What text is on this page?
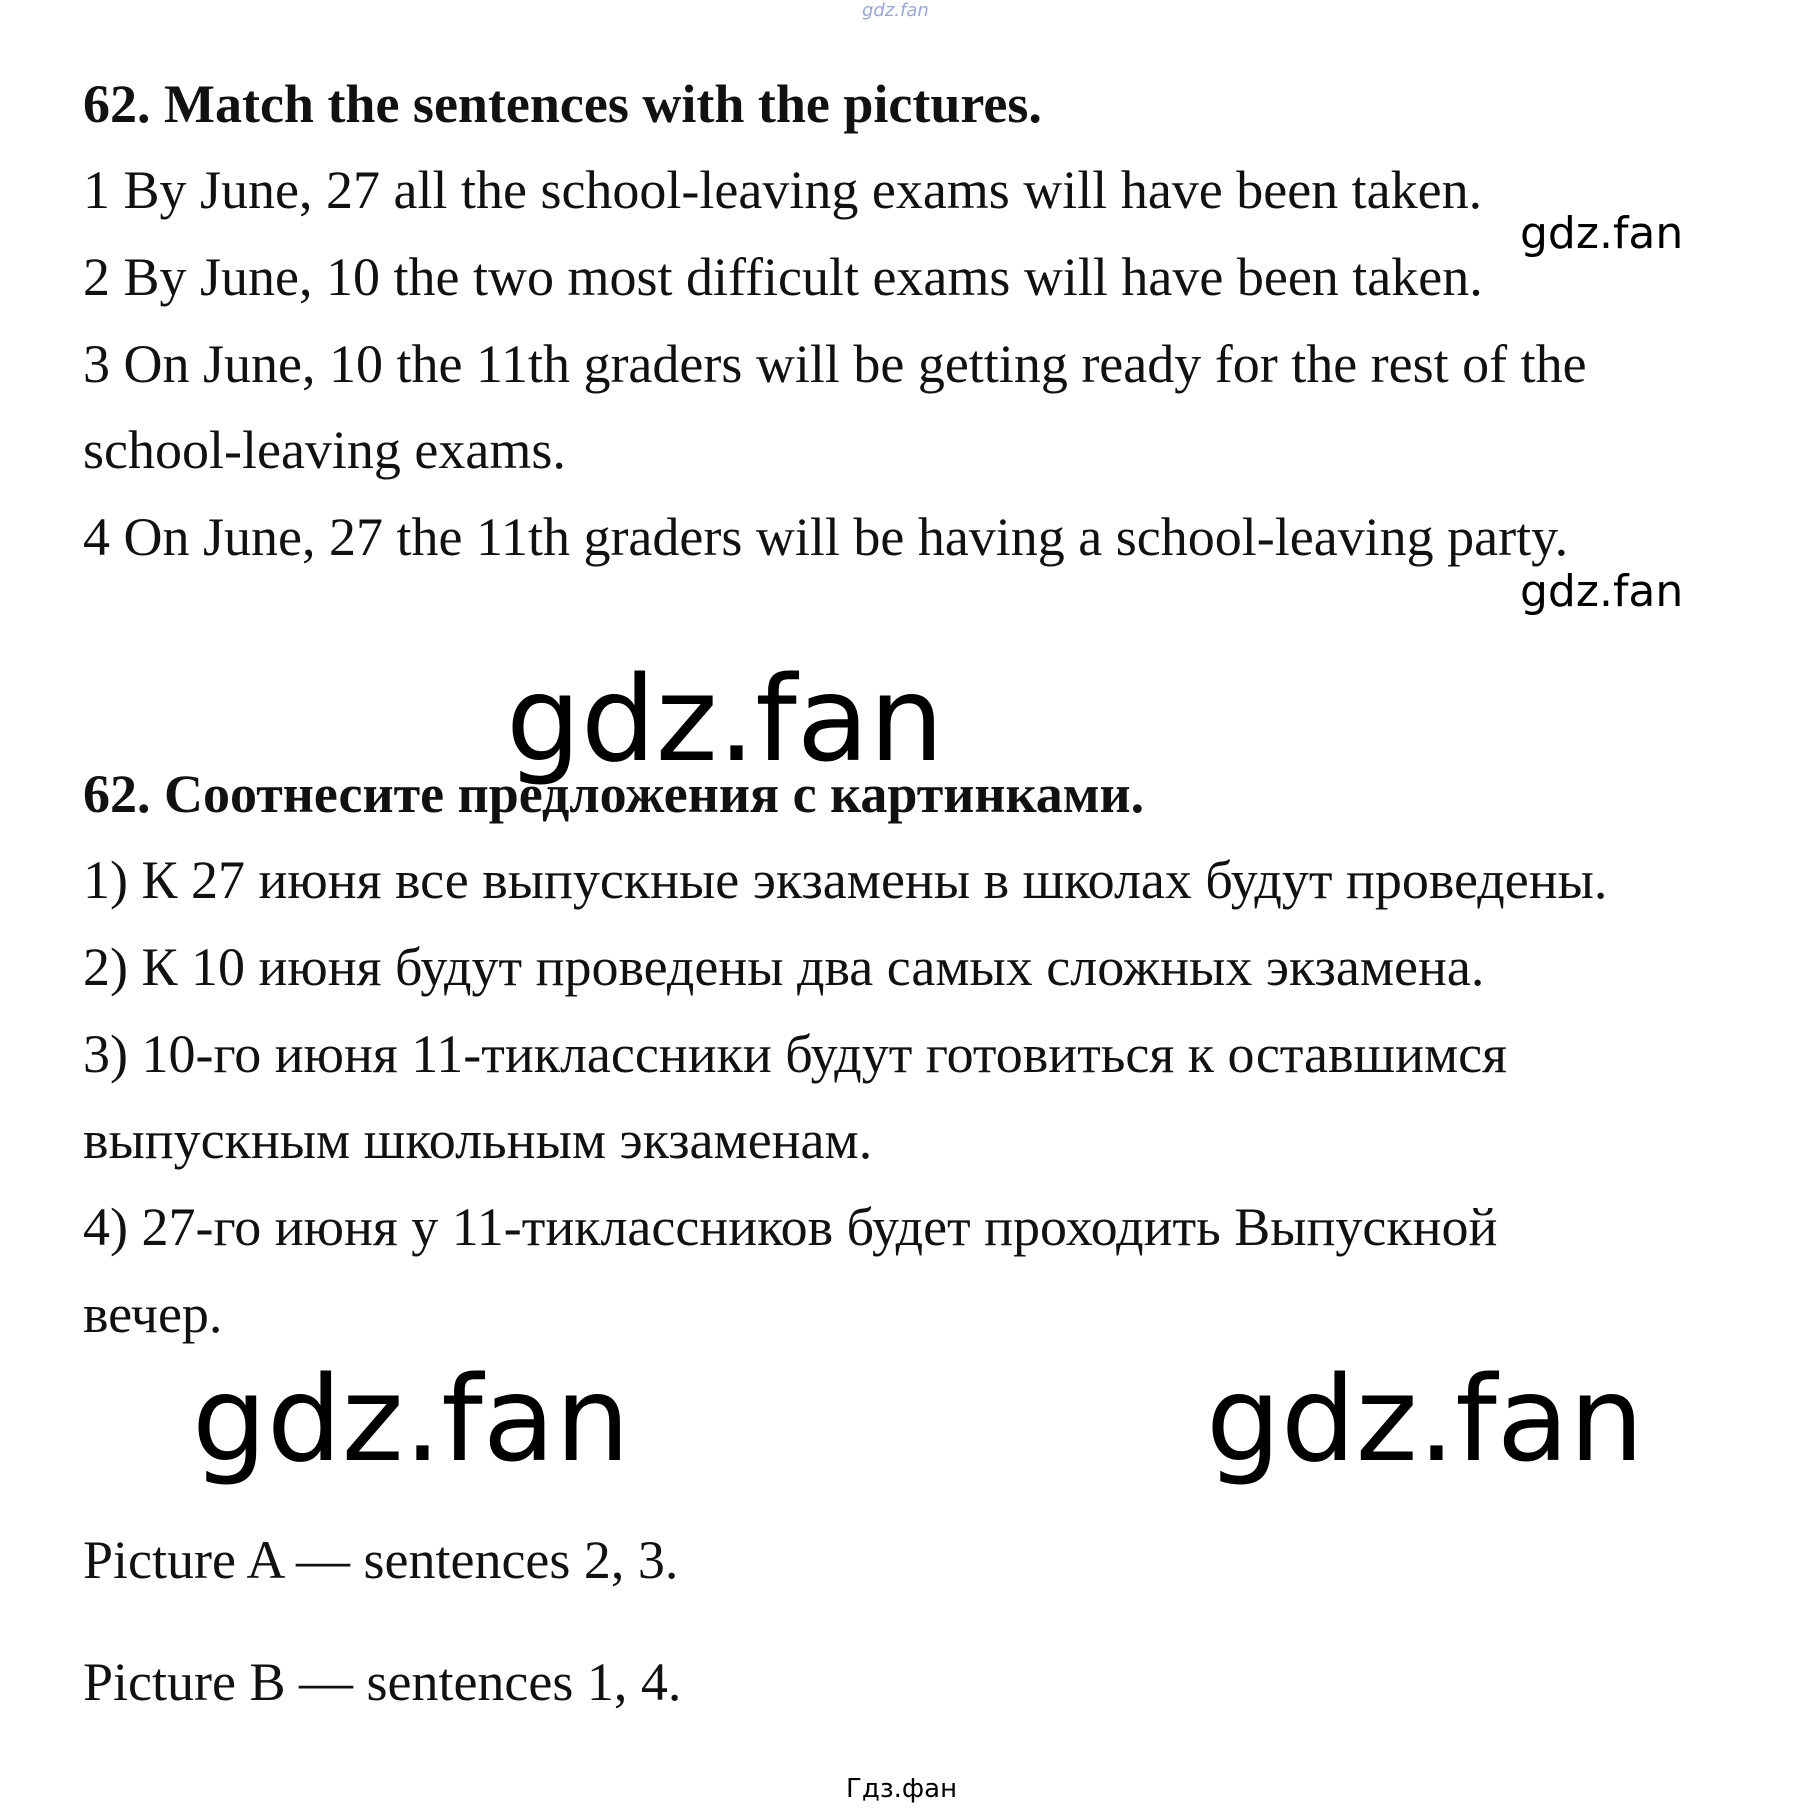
gdz.fan
62. Match the sentences with the pictures.
1 By June, 27 all the school-leaving exams will have been taken.
gdz.fan
2 By June, 10 the two most difficult exams will have been taken.
3 On June, 10 the 11th graders will be getting ready for the rest of the
school-leaving exams.
4 On June, 27 the 11th graders will be having a school-leaving party.
gdz.fan
gdz.fan
62. Соотнесите предложения с картинками.
1) К 27 июня все выпускные экзамены в школах будут проведены.
2) К 10 июня будут проведены два самых сложных экзамена.
3) 10-го июня 11-тиклассники будут готовиться к оставшимся
выпускным школьным экзаменам.
4) 27-го июня у 11-тиклассников будет проходить Выпускной
вечер.
gdz.fan	gdz.fan
Picture A — sentences 2, 3.
Picture B — sentences 1, 4.
Гдз.фан
